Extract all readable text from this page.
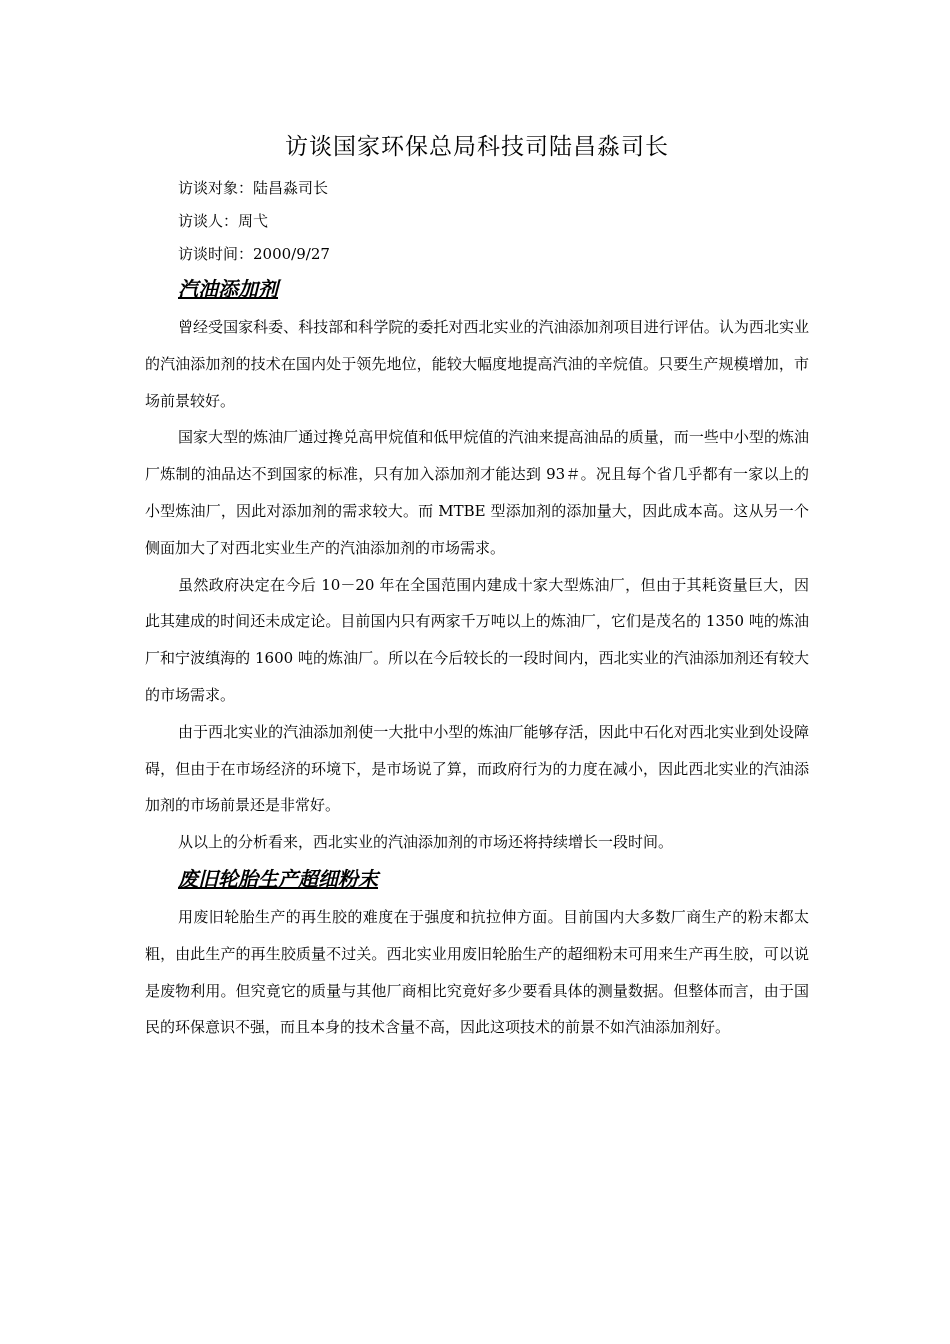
访谈国家环保总局科技司陆昌淼司长

访谈对象：陆昌淼司长

访谈人：周弋

访谈时间：2000/9/27

汽油添加剂

曾经受国家科委、科技部和科学院的委托对西北实业的汽油添加剂项目进行评估。认为西北实业的汽油添加剂的技术在国内处于领先地位，能较大幅度地提高汽油的辛烷值。只要生产规模增加，市场前景较好。

国家大型的炼油厂通过搀兑高甲烷值和低甲烷值的汽油来提高油品的质量，而一些中小型的炼油厂炼制的油品达不到国家的标准，只有加入添加剂才能达到 93＃。况且每个省几乎都有一家以上的小型炼油厂，因此对添加剂的需求较大。而 MTBE 型添加剂的添加量大，因此成本高。这从另一个侧面加大了对西北实业生产的汽油添加剂的市场需求。

虽然政府决定在今后 10－20 年在全国范围内建成十家大型炼油厂，但由于其耗资量巨大，因此其建成的时间还未成定论。目前国内只有两家千万吨以上的炼油厂，它们是茂名的 1350 吨的炼油厂和宁波缜海的 1600 吨的炼油厂。所以在今后较长的一段时间内，西北实业的汽油添加剂还有较大的市场需求。

由于西北实业的汽油添加剂使一大批中小型的炼油厂能够存活，因此中石化对西北实业到处设障碍，但由于在市场经济的环境下，是市场说了算，而政府行为的力度在减小，因此西北实业的汽油添加剂的市场前景还是非常好。

从以上的分析看来，西北实业的汽油添加剂的市场还将持续增长一段时间。

废旧轮胎生产超细粉末

用废旧轮胎生产的再生胶的难度在于强度和抗拉伸方面。目前国内大多数厂商生产的粉末都太粗，由此生产的再生胶质量不过关。西北实业用废旧轮胎生产的超细粉末可用来生产再生胶，可以说是废物利用。但究竟它的质量与其他厂商相比究竟好多少要看具体的测量数据。但整体而言，由于国民的环保意识不强，而且本身的技术含量不高，因此这项技术的前景不如汽油添加剂好。
